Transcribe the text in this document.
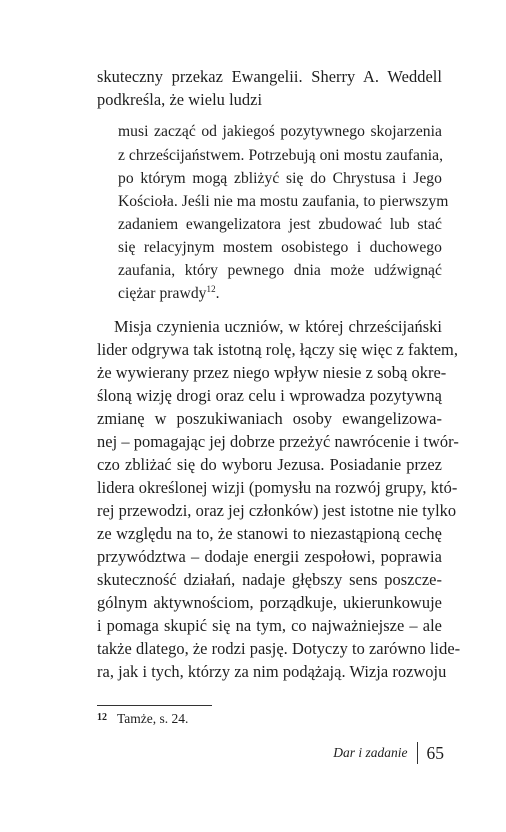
skuteczny przekaz Ewangelii. Sherry A. Weddell
podkreśla, że wielu ludzi
musi zacząć od jakiegoś pozytywnego skojarzenia
z chrześcijaństwem. Potrzebują oni mostu zaufania,
po którym mogą zbliżyć się do Chrystusa i Jego
Kościoła. Jeśli nie ma mostu zaufania, to pierwszym
zadaniem ewangelizatora jest zbudować lub stać
się relacyjnym mostem osobistego i duchowego
zaufania, który pewnego dnia może udźwignąć
ciężar prawdy$^{12}$.
Misja czynienia uczniów, w której chrześcijański
lider odgrywa tak istotną rolę, łączy się więc z faktem,
że wywierany przez niego wpływ niesie z sobą okre-
śloną wizję drogi oraz celu i wprowadza pozytywną
zmianę w poszukiwaniach osoby ewangelizowa-
nej – pomagając jej dobrze przeżyć nawrócenie i twór-
czo zbliżać się do wyboru Jezusa. Posiadanie przez
lidera określonej wizji (pomysłu na rozwój grupy, któ-
rej przewodzi, oraz jej członków) jest istotne nie tylko
ze względu na to, że stanowi to niezastąpioną cechę
przywództwa – dodaje energii zespołowi, poprawia
skuteczność działań, nadaje głębszy sens poszcze-
gólnym aktywnościom, porządkuje, ukierunkowuje
i pomaga skupić się na tym, co najważniejsze – ale
także dlatego, że rodzi pasję. Dotyczy to zarówno lide-
ra, jak i tych, którzy za nim podążają. Wizja rozwoju
$^{12}$ Tamże, s. 24.
Dar i zadanie	65
